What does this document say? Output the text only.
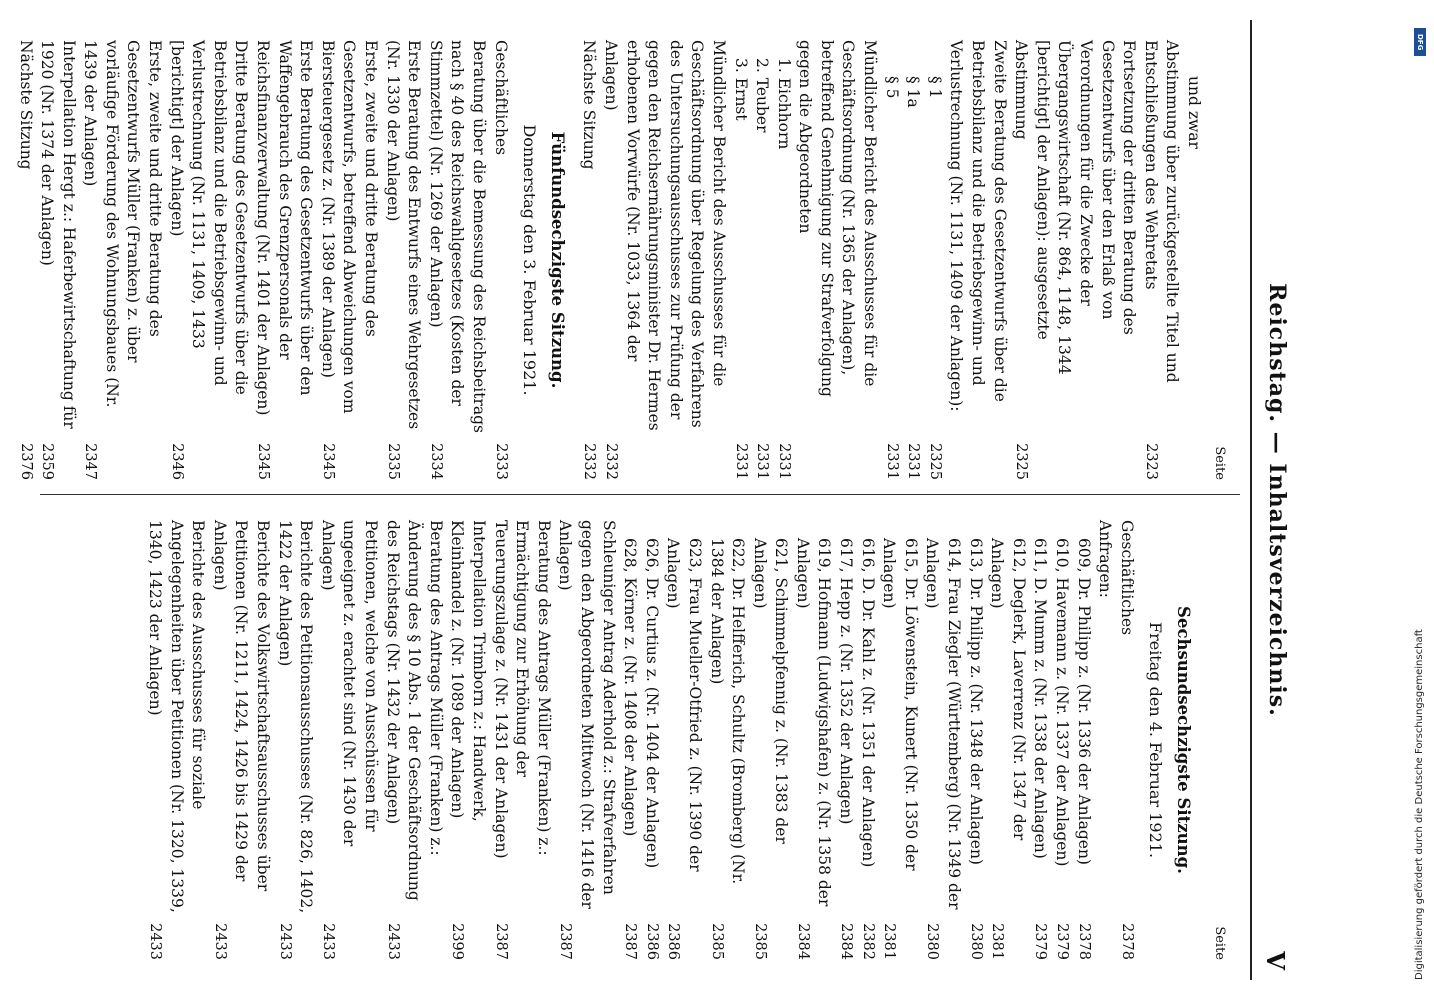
Reichstag. — Inhaltsverzeichnis.
V
Seite
und zwar
Abstimmung über zurückgestellte Titel und Entschließungen des Wehretats
2323
Fortsetzung der dritten Beratung des Gesetzentwurfs über den Erlaß von Verordnungen für die Zwecke der Übergangswirtschaft (Nr. 864, 1148, 1344 [berichtigt] der Anlagen): ausgesetzte Abstimmung
2325
Zweite Beratung des Gesetzentwurfs über die Betriebsbilanz und die Betriebsgewinn- und Verlustrechnung (Nr. 1131, 1409 der Anlagen):
§ 1
2325
§ 1a
2331
§ 5
2331
Mündlicher Bericht des Ausschusses für die Geschäftsordnung (Nr. 1365 der Anlagen), betreffend Genehmigung zur Strafverfolgung gegen die Abgeordneten
1. Eichhorn
2331
2. Teuber
2331
3. Ernst
2331
Mündlicher Bericht des Ausschusses für die Geschäftsordnung über Regelung des Verfahrens des Untersuchungsausschusses zur Prüfung der gegen den Reichsernährungsminister Dr. Hermes erhobenen Vorwürfe (Nr. 1033, 1364 der Anlagen)
2332
Nächste Sitzung
2332
Fünfundsechzigste Sitzung.
Donnerstag den 3. Februar 1921.
Geschäftliches
2333
Beratung über die Bemessung des Reichsbeitrags nach § 40 des Reichswahlgesetzes (Kosten der Stimmzettel) (Nr. 1269 der Anlagen)
2334
Erste Beratung des Entwurfs eines Wehrgesetzes (Nr. 1330 der Anlagen)
2335
Erste, zweite und dritte Beratung des Gesetzentwurfs, betreffend Abweichungen vom Biersteuergesetz z. (Nr. 1389 der Anlagen)
2345
Erste Beratung des Gesetzentwurfs über den Waffengebrauch des Grenzpersonals der Reichsfinanzverwaltung (Nr. 1401 der Anlagen)
2345
Dritte Beratung des Gesetzentwurfs über die Betriebsbilanz und die Betriebsgewinn- und Verlustrechnung (Nr. 1131, 1409, 1433 [berichtigt] der Anlagen)
2346
Erste, zweite und dritte Beratung des Gesetzentwurfs Müller (Franken) z. über vorläufige Förderung des Wohnungsbaues (Nr. 1439 der Anlagen)
2347
Interpellation Hergt z.: Haferbewirtschaftung für 1920 (Nr. 1374 der Anlagen)
2359
Nächste Sitzung
2376
Seite
Sechsundsechzigste Sitzung.
Freitag den 4. Februar 1921.
Geschäftliches
2378
Anfragen:
609, Dr. Philipp z. (Nr. 1336 der Anlagen)
2378
610, Havemann z. (Nr. 1337 der Anlagen)
2379
611, D. Mumm z. (Nr. 1338 der Anlagen)
2379
612, Deglerk, Laverrenz (Nr. 1347 der Anlagen)
2381
613, Dr. Philipp z. (Nr. 1348 der Anlagen)
2380
614, Frau Ziegler (Württemberg) (Nr. 1349 der Anlagen)
2380
615, Dr. Löwenstein, Kunert (Nr. 1350 der Anlagen)
2381
616, D. Dr. Kahl z. (Nr. 1351 der Anlagen)
2382
617, Hepp z. (Nr. 1352 der Anlagen)
2384
619, Hofmann (Ludwigshafen) z. (Nr. 1358 der Anlagen)
2384
621, Schimmelpfennig z. (Nr. 1383 der Anlagen)
2385
622, Dr. Helfferich, Schultz (Bromberg) (Nr. 1384 der Anlagen)
2385
623, Frau Mueller-Otfried z. (Nr. 1390 der Anlagen)
2386
626, Dr. Curtius z. (Nr. 1404 der Anlagen)
2386
628, Körner z. (Nr. 1408 der Anlagen)
2387
Schleuniger Antrag Aderhold z.: Strafverfahren gegen den Abgeordneten Mittwoch (Nr. 1416 der Anlagen)
2387
Beratung des Antrags Müller (Franken) z.: Ermächtigung zur Erhöhung der Teuerungszulage z. (Nr. 1431 der Anlagen)
2387
Interpellation Trimborn z.: Handwerk, Kleinhandel z. (Nr. 1089 der Anlagen)
2399
Beratung des Antrags Müller (Franken) z.: Änderung des § 10 Abs. 1 der Geschäftsordnung des Reichstags (Nr. 1432 der Anlagen)
2433
Petitionen, welche von Ausschüssen für ungeeignet z. erachtet sind (Nr. 1430 der Anlagen)
2433
Berichte des Petitionsausschusses (Nr. 826, 1402, 1422 der Anlagen)
2433
Berichte des Volkswirtschaftsausschusses über Petitionen (Nr. 1211, 1424, 1426 bis 1429 der Anlagen)
2433
Berichte des Ausschusses für soziale Angelegenheiten über Petitionen (Nr. 1320, 1339, 1340, 1423 der Anlagen)
2433	Digitalisierung gefördert durch die Deutsche Forschungsgemeinschaft
DFG
